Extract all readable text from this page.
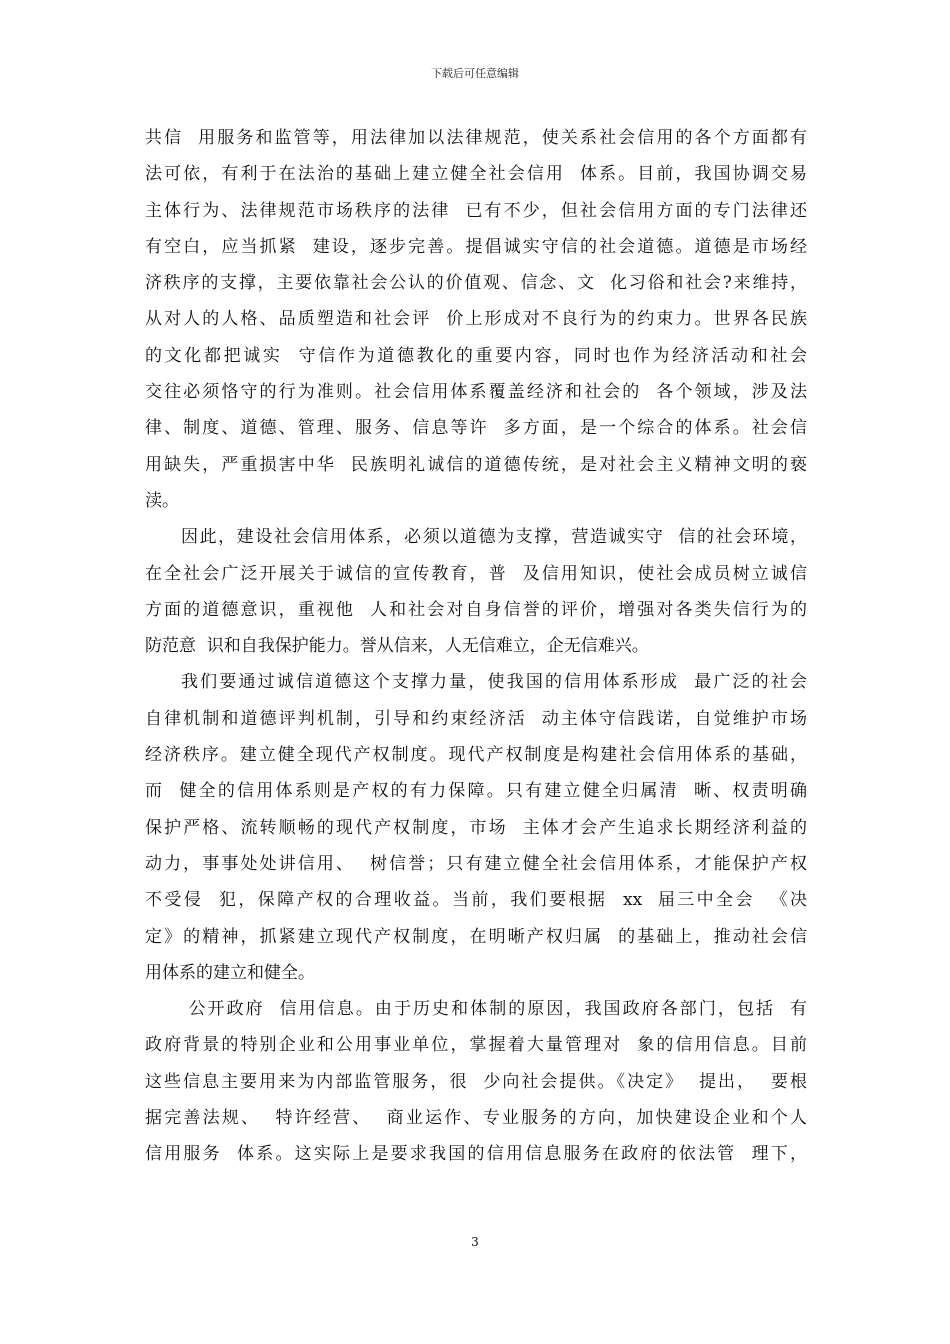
下载后可任意编辑
共信  用服务和监管等，用法律加以法律规范，使关系社会信用的各个方面都有
法可依，有利于在法治的基础上建立健全社会信用  体系。目前，我国协调交易
主体行为、法律规范市场秩序的法律  已有不少，但社会信用方面的专门法律还
有空白，应当抓紧  建设，逐步完善。提倡诚实守信的社会道德。道德是市场经
济秩序的支撑，主要依靠社会公认的价值观、信念、文  化习俗和社会?来维持，
从对人的人格、品质塑造和社会评  价上形成对不良行为的约束力。世界各民族
的文化都把诚实  守信作为道德教化的重要内容，同时也作为经济活动和社会
交往必须恪守的行为准则。社会信用体系覆盖经济和社会的  各个领域，涉及法
律、制度、道德、管理、服务、信息等许  多方面，是一个综合的体系。社会信
用缺失，严重损害中华  民族明礼诚信的道德传统，是对社会主义精神文明的亵
渎。
因此，建设社会信用体系，必须以道德为支撑，营造诚实守  信的社会环境，
在全社会广泛开展关于诚信的宣传教育，普  及信用知识，使社会成员树立诚信
方面的道德意识，重视他  人和社会对自身信誉的评价，增强对各类失信行为的
防范意  识和自我保护能力。誉从信来，人无信难立，企无信难兴。
我们要通过诚信道德这个支撑力量，使我国的信用体系形成  最广泛的社会
自律机制和道德评判机制，引导和约束经济活  动主体守信践诺，自觉维护市场
经济秩序。建立健全现代产权制度。现代产权制度是构建社会信用体系的基础，
而  健全的信用体系则是产权的有力保障。只有建立健全归属清  晰、权责明确
保护严格、流转顺畅的现代产权制度，市场  主体才会产生追求长期经济利益的
动力，事事处处讲信用、  树信誉；只有建立健全社会信用体系，才能保护产权
不受侵  犯，保障产权的合理收益。当前，我们要根据  xx  届三中全会  《决
定》的精神，抓紧建立现代产权制度，在明晰产权归属  的基础上，推动社会信
用体系的建立和健全。
公开政府  信用信息。由于历史和体制的原因，我国政府各部门，包括  有
政府背景的特别企业和公用事业单位，掌握着大量管理对  象的信用信息。目前
这些信息主要用来为内部监管服务，很  少向社会提供。《决定》  提出，  要根
据完善法规、  特许经营、  商业运作、专业服务的方向，加快建设企业和个人
信用服务  体系。这实际上是要求我国的信用信息服务在政府的依法管  理下，
3
